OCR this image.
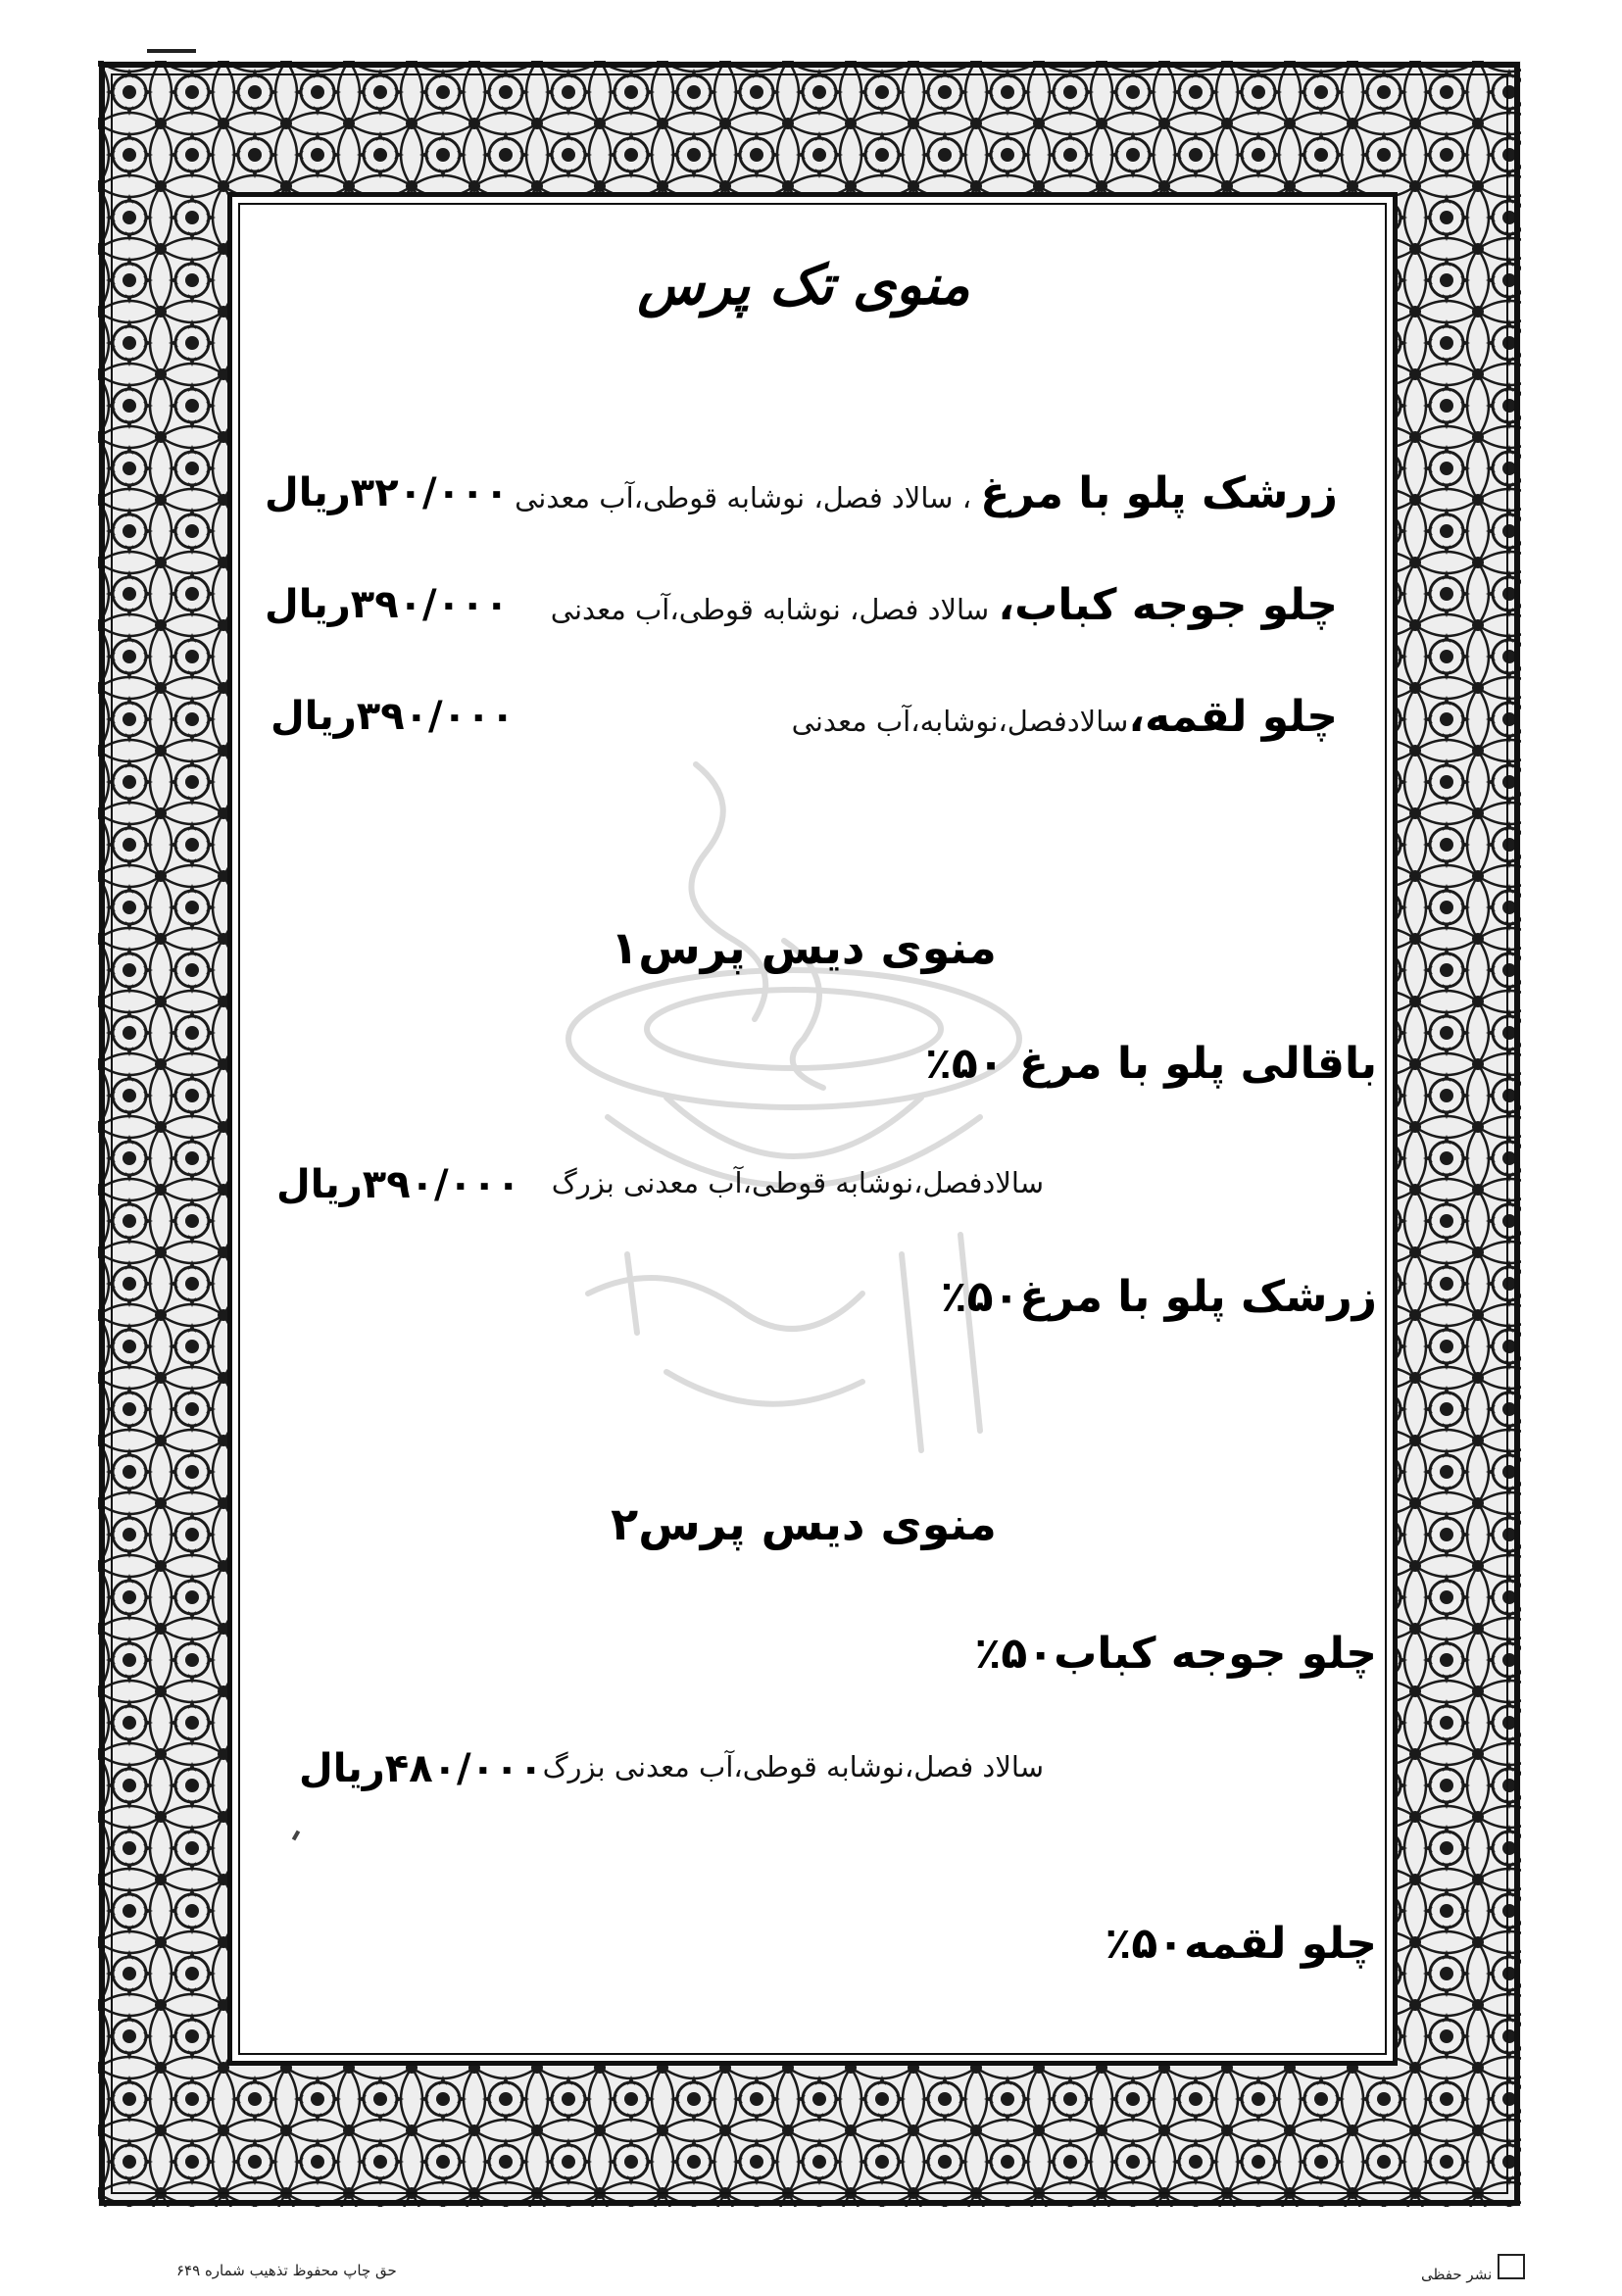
منوی تک پرس
منوی دیس پرس۱
منوی دیس پرس۲
زرشک پلو با مرغ ، سالاد فصل، نوشابه قوطی،آب معدنی
۳۲۰/۰۰۰ریال
چلو جوجه کباب، سالاد فصل، نوشابه قوطی،آب معدنی
۳۹۰/۰۰۰ریال
چلو لقمه،سالادفصل،نوشابه،آب معدنی
۳۹۰/۰۰۰ریال
باقالی پلو با مرغ ۵۰٪
سالادفصل،نوشابه قوطی،آب معدنی بزرگ
۳۹۰/۰۰۰ریال
زرشک پلو با مرغ۵۰٪
چلو جوجه کباب۵۰٪
سالاد فصل،نوشابه قوطی،آب معدنی بزرگ
۴۸۰/۰۰۰ریال
چلو لقمه۵۰٪
حق چاپ محفوظ تذهیب شماره ۶۴۹	نشر حفظی
